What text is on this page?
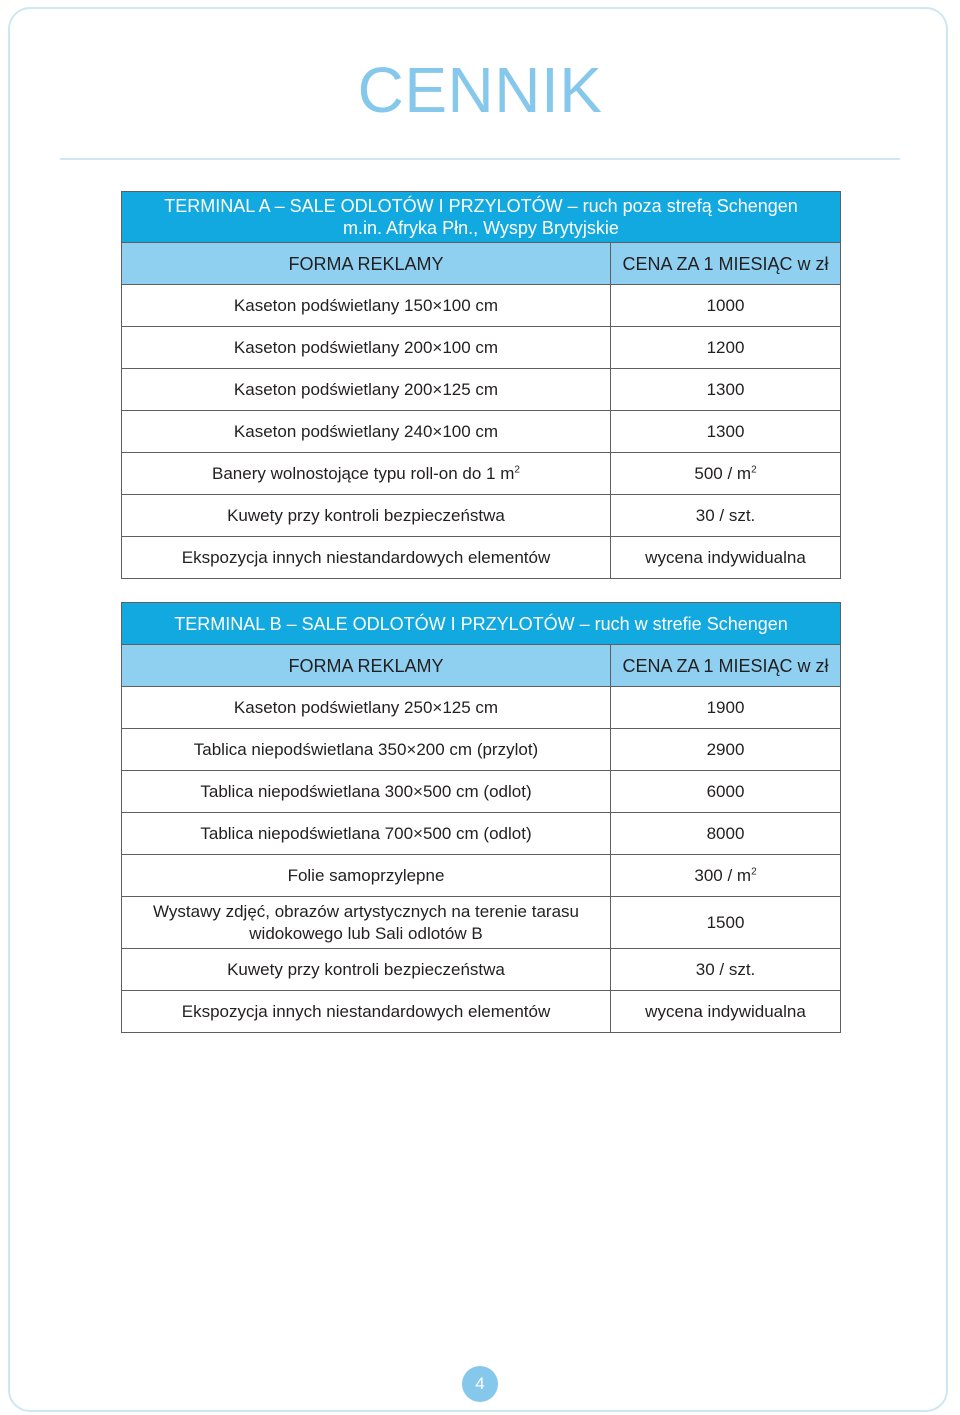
CENNIK
TERMINAL A – SALE ODLOTÓW I PRZYLOTÓW – ruch poza strefą Schengen
m.in. Afryka Płn., Wyspy Brytyjskie	

FORMA REKLAMY	CENA ZA 1 MIESIĄC w zł
Kaseton podświetlany 150×100 cm	1000
Kaseton podświetlany 200×100 cm	1200
Kaseton podświetlany 200×125 cm	1300
Kaseton podświetlany 240×100 cm	1300
Banery wolnostojące typu roll-on do 1 $m^2$	$500 / m^2$
Kuwety przy kontroli bezpieczeństwa	30 / szt.
Ekspozycja innych niestandardowych elementów	wycena indywidualna
TERMINAL B – SALE ODLOTÓW I PRZYLOTÓW – ruch w strefie Schengen	
FORMA REKLAMY	CENA ZA 1 MIESIĄC w zł
Kaseton podświetlany 250×125 cm	1900
Tablica niepodświetlana 350×200 cm (przylot)	2900
Tablica niepodświetlana 300×500 cm (odlot)	6000
Tablica niepodświetlana 700×500 cm (odlot)	8000
Folie samoprzylepne	$300 / m^2$
Wystawy zdjęć, obrazów artystycznych na terenie tarasu widokowego lub Sali odlotów B	1500
Kuwety przy kontroli bezpieczeństwa	30 / szt.
Ekspozycja innych niestandardowych elementów	wycena indywidualna
4
